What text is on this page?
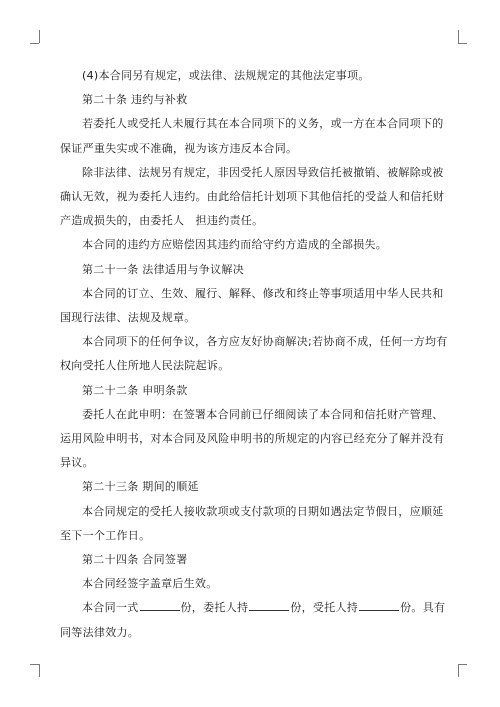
(4)本合同另有规定，或法律、法规规定的其他法定事项。

第二十条 违约与补救

若委托人或受托人未履行其在本合同项下的义务，或一方在本合同项下的保证严重失实或不准确，视为该方违反本合同。

除非法律、法规另有规定，非因受托人原因导致信托被撤销、被解除或被确认无效，视为委托人违约。由此给信托计划项下其他信托的受益人和信托财产造成损失的，由委托人　担违约责任。

本合同的违约方应赔偿因其违约而给守约方造成的全部损失。

第二十一条 法律适用与争议解决

本合同的订立、生效、履行、解释、修改和终止等事项适用中华人民共和国现行法律、法规及规章。

本合同项下的任何争议，各方应友好协商解决;若协商不成，任何一方均有权向受托人住所地人民法院起诉。

第二十二条 申明条款

委托人在此申明：在签署本合同前已仔细阅读了本合同和信托财产管理、运用风险申明书，对本合同及风险申明书的所规定的内容已经充分了解并没有异议。

第二十三条 期间的顺延

本合同规定的受托人接收款项或支付款项的日期如遇法定节假日，应顺延至下一个工作日。

第二十四条 合同签署

本合同经签字盖章后生效。

本合同一式	份，委托人持	份，受托人持	份。具有同等法律效力。
